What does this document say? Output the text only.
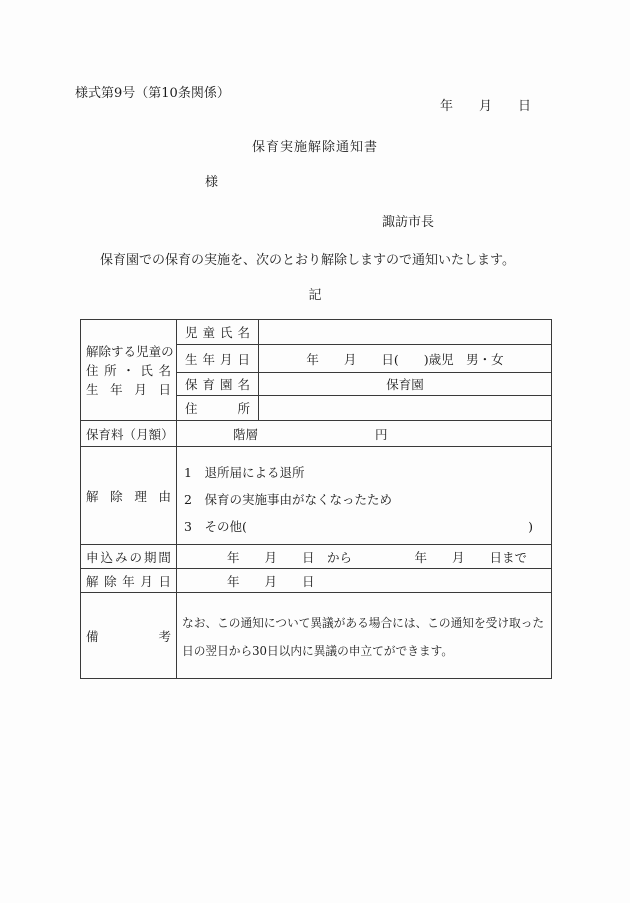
様式第9号（第10条関係）
年　　月　　日
保育実施解除通知書
様
諏訪市長
保育園での保育の実施を、次のとおり解除しますので通知いたします。
記
解 除 す る 児 童 の
住 所 ・ 氏 名
生 年 月 日

児 童 氏 名

	生 年 月 日	年　　月　　日(　　)歳児　男・女

	保 育 園 名	保育園

	住 所	

保 育 料 （ 月 額 ）	階層	円

解 除 理 由

1　退所届による退所
2　保育の実施事由がなくなったため
3　その他(	)

申 込 み の 期 間	年　　月　　日　から　　　　　年　　月　　日まで

解 除 年 月 日	年　　月　　日	

備 考	なお、この通知について異議がある場合には、この通知を受け取った日の翌日から30日以内に異議の申立てができます。	
